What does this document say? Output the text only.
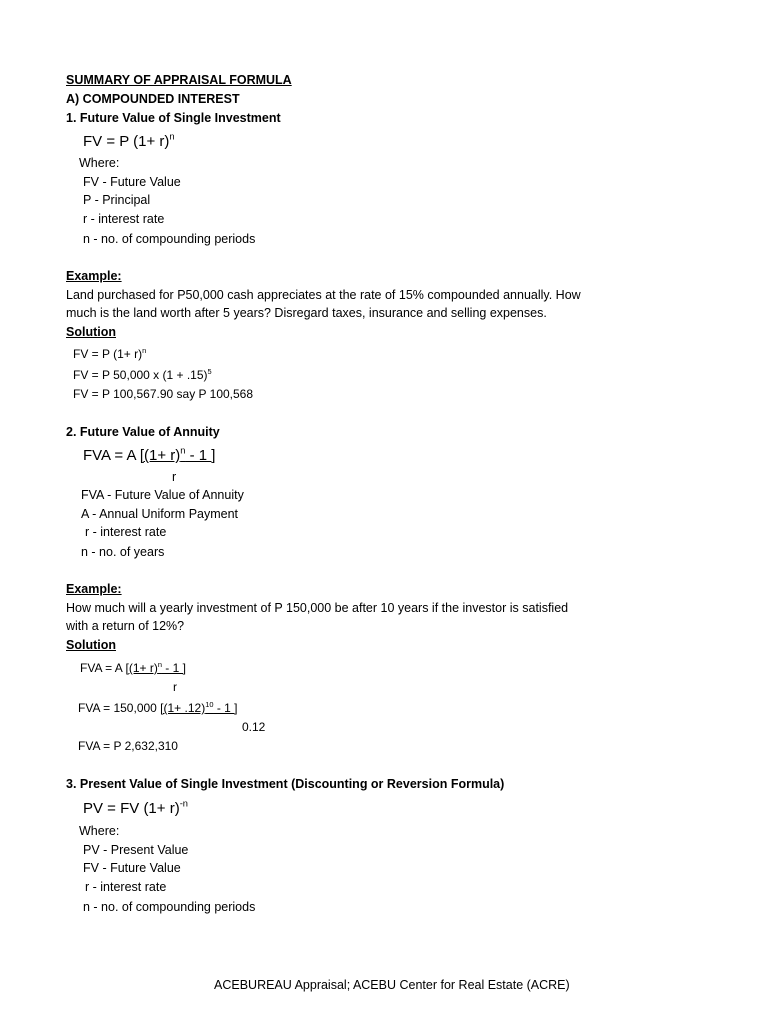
SUMMARY OF APPRAISAL FORMULA
A) COMPOUNDED INTEREST
1. Future Value of Single Investment
FV = P $(1+ r)^n$
Where:
FV - Future Value
P - Principal
r - interest rate
n - no. of compounding periods
Example:
Land purchased for P50,000 cash appreciates at the rate of 15% compounded annually. How
much is the land worth after 5 years? Disregard taxes, insurance and selling expenses.
Solution
FV = P $(1+ r)^n$
FV = P 50,000 x $(1 + .15)^5$
FV = P 100,567.90 say P 100,568
2. Future Value of Annuity
FVA = A [$(1+ r)^n - 1$ ]
r
FVA - Future Value of Annuity
A - Annual Uniform Payment
r - interest rate
n - no. of years
Example:
How much will a yearly investment of P 150,000 be after 10 years if the investor is satisfied
with a return of 12%?
Solution
FVA = A [$(1+ r)^n - 1$ ]
r
FVA = 150,000 [$(1+ .12)^{10} - 1$ ]
0.12
FVA = P 2,632,310
3. Present Value of Single Investment (Discounting or Reversion Formula)
PV = FV $(1+ r)^{-n}$
Where:
PV - Present Value
FV - Future Value
r - interest rate
n - no. of compounding periods
ACEBUREAU Appraisal; ACEBU Center for Real Estate (ACRE)
